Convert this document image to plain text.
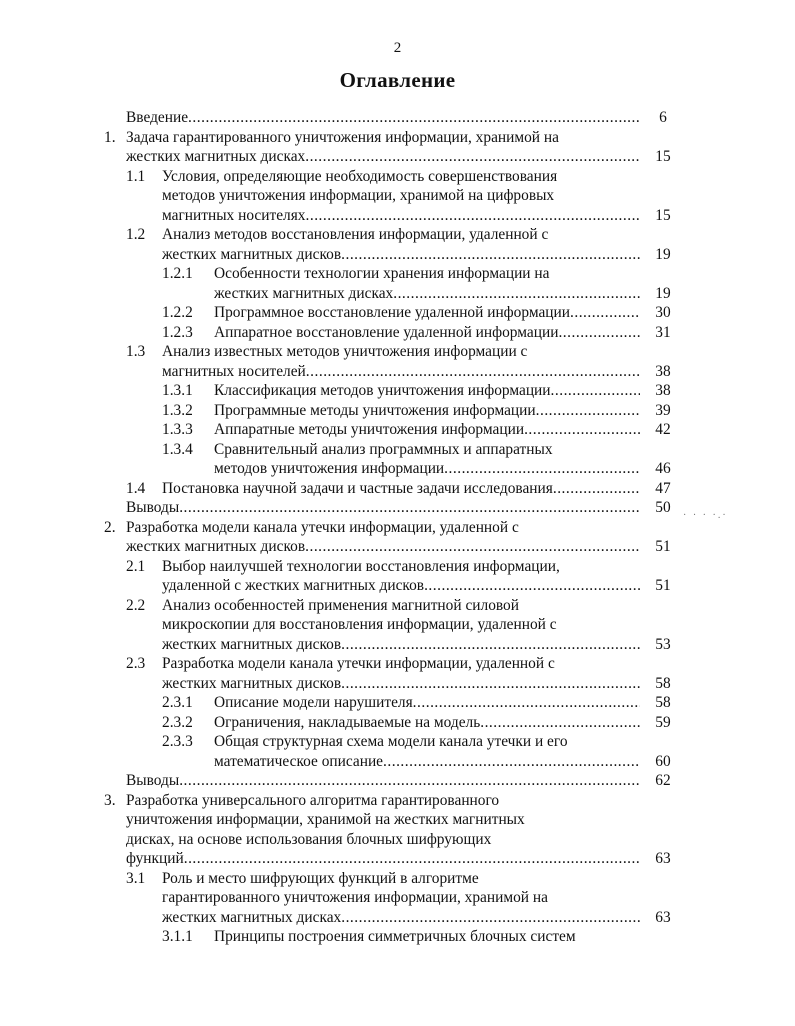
2
Оглавление
Введение .....	6
1. Задача гарантированного уничтожения информации, хранимой на
жестких магнитных дисках .....	15
1.1 Условия, определяющие необходимость совершенствования
методов уничтожения информации, хранимой на цифровых
магнитных носителях .....	15
1.2 Анализ методов восстановления информации, удаленной с
жестких магнитных дисков .....	19
1.2.1 Особенности технологии хранения информации на
жестких магнитных дисках .....	19
1.2.2 Программное восстановление удаленной информации .....	30
1.2.3 Аппаратное восстановление удаленной информации .....	31
1.3 Анализ известных методов уничтожения информации с
магнитных носителей .....	38
1.3.1 Классификация методов уничтожения информации .....	38
1.3.2 Программные методы уничтожения информации .....	39
1.3.3 Аппаратные методы уничтожения информации .....	42
1.3.4 Сравнительный анализ программных и аппаратных
методов уничтожения информации .....	46
1.4 Постановка научной задачи и частные задачи исследования .....	47
Выводы .....	50
2. Разработка модели канала утечки информации, удаленной с
жестких магнитных дисков .....	51
2.1 Выбор наилучшей технологии восстановления информации,
удаленной с жестких магнитных дисков .....	51
2.2 Анализ особенностей применения магнитной силовой
микроскопии для восстановления информации, удаленной с
жестких магнитных дисков .....	53
2.3 Разработка модели канала утечки информации, удаленной с
жестких магнитных дисков .....	58
2.3.1 Описание модели нарушителя .....	58
2.3.2 Ограничения, накладываемые на модель .....	59
2.3.3 Общая структурная схема модели канала утечки и его
математическое описание .....	60
Выводы .....	62
3. Разработка универсального алгоритма гарантированного
уничтожения информации, хранимой на жестких магнитных
дисках, на основе использования блочных шифрующих
функций .....	63
3.1 Роль и место шифрующих функций в алгоритме
гарантированного уничтожения информации, хранимой на
жестких магнитных дисках .....	63
3.1.1 Принципы построения симметричных блочных систем
· · · ·.·
